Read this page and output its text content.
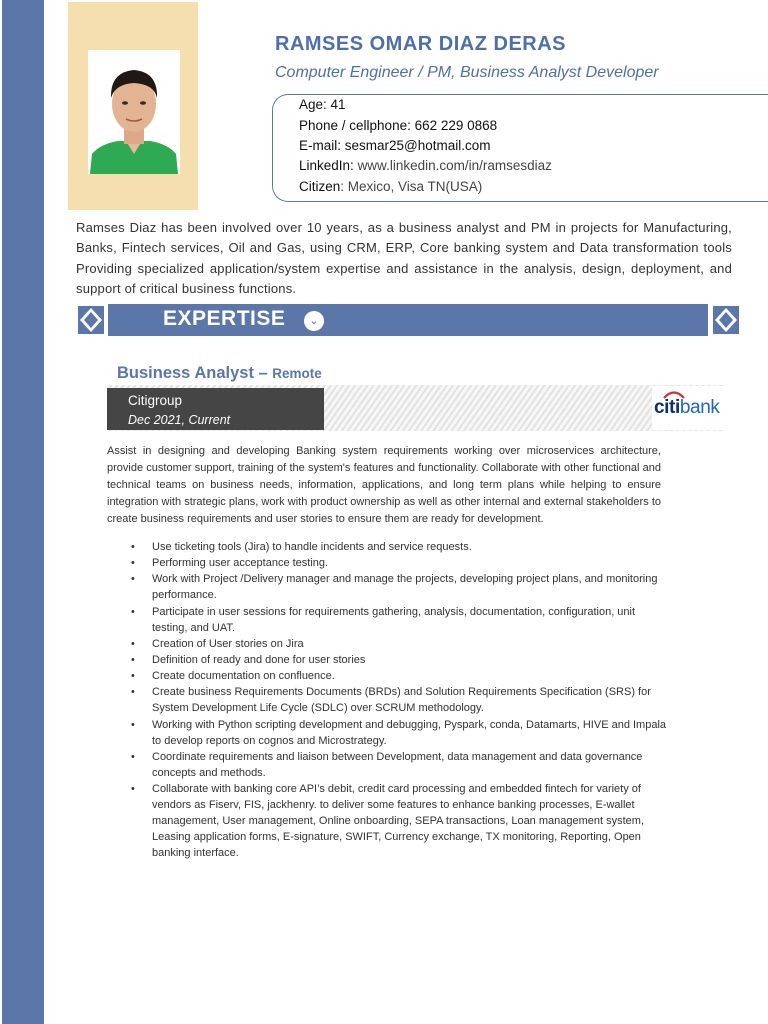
RAMSES OMAR DIAZ DERAS
Computer Engineer / PM, Business Analyst Developer
Age: 41
Phone / cellphone: 662 229 0868
E-mail: sesmar25@hotmail.com
LinkedIn: www.linkedin.com/in/ramsesdiaz
Citizen: Mexico, Visa TN(USA)
Ramses Diaz has been involved over 10 years, as a business analyst and PM in projects for Manufacturing, Banks, Fintech services, Oil and Gas, using CRM, ERP, Core banking system and Data transformation tools Providing specialized application/system expertise and assistance in the analysis, design, deployment, and support of critical business functions.
EXPERTISE	⌄
Business Analyst – Remote
Citigroup
Dec 2021, Current
citibank
Assist in designing and developing Banking system requirements working over microservices architecture, provide customer support, training of the system's features and functionality. Collaborate with other functional and technical teams on business needs, information, applications, and long term plans while helping to ensure integration with strategic plans, work with product ownership as well as other internal and external stakeholders to create business requirements and user stories to ensure them are ready for development.
• Use ticketing tools (Jira) to handle incidents and service requests.
• Performing user acceptance testing.
• Work with Project /Delivery manager and manage the projects, developing project plans, and monitoring performance.
• Participate in user sessions for requirements gathering, analysis, documentation, configuration, unit testing, and UAT.
• Creation of User stories on Jira
• Definition of ready and done for user stories
• Create documentation on confluence.
• Create business Requirements Documents (BRDs) and Solution Requirements Specification (SRS) for System Development Life Cycle (SDLC) over SCRUM methodology.
• Working with Python scripting development and debugging, Pyspark, conda, Datamarts, HIVE and Impala to develop reports on cognos and Microstrategy.
• Coordinate requirements and liaison between Development, data management and data governance concepts and methods.
• Collaborate with banking core API’s debit, credit card processing and embedded fintech for variety of vendors as Fiserv, FIS, jackhenry. to deliver some features to enhance banking processes, E-wallet management, User management, Online onboarding, SEPA transactions, Loan management system, Leasing application forms, E-signature, SWIFT, Currency exchange, TX monitoring, Reporting, Open banking interface.
